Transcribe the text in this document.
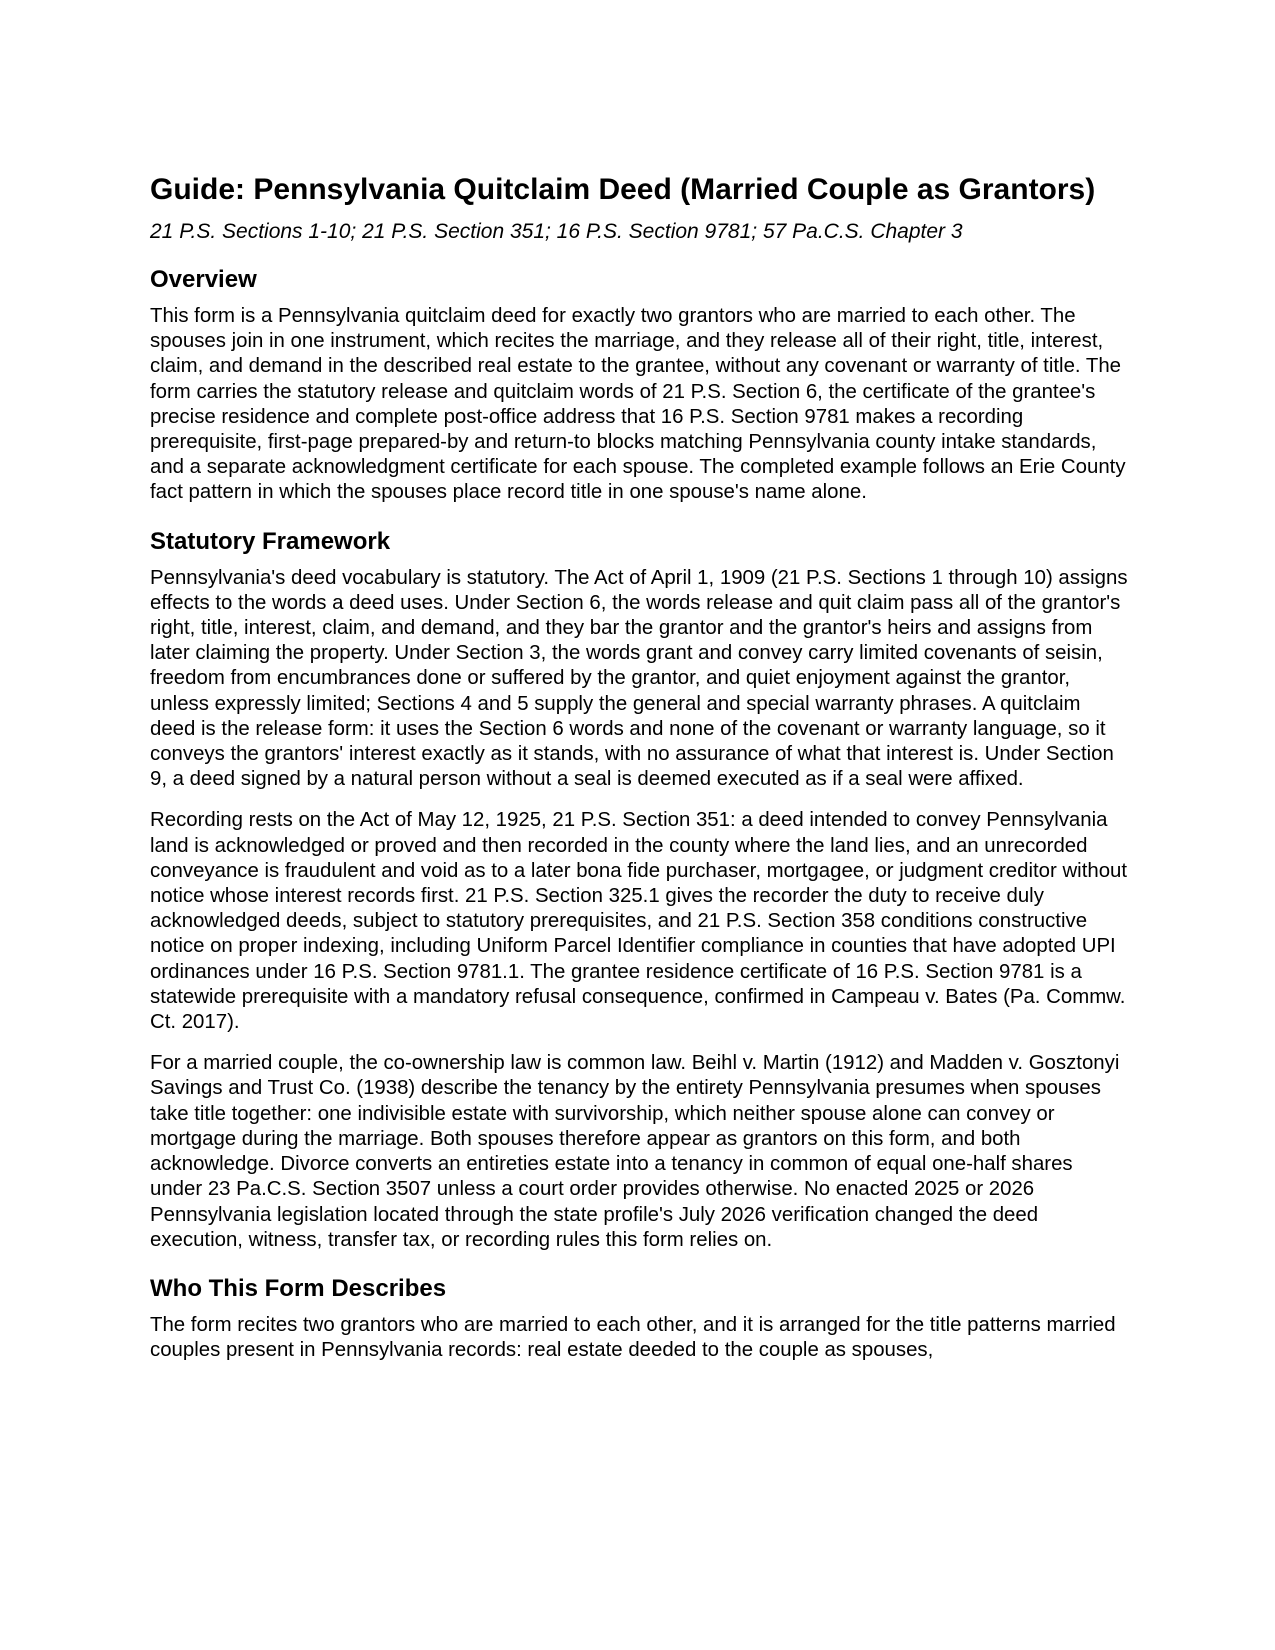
Guide: Pennsylvania Quitclaim Deed (Married Couple as Grantors)
21 P.S. Sections 1-10; 21 P.S. Section 351; 16 P.S. Section 9781; 57 Pa.C.S. Chapter 3
Overview

This form is a Pennsylvania quitclaim deed for exactly two grantors who are married to each other. The spouses join in one instrument, which recites the marriage, and they release all of their right, title, interest, claim, and demand in the described real estate to the grantee, without any covenant or warranty of title. The form carries the statutory release and quitclaim words of 21 P.S. Section 6, the certificate of the grantee's precise residence and complete post-office address that 16 P.S. Section 9781 makes a recording prerequisite, first-page prepared-by and return-to blocks matching Pennsylvania county intake standards, and a separate acknowledgment certificate for each spouse. The completed example follows an Erie County fact pattern in which the spouses place record title in one spouse's name alone.

Statutory Framework

Pennsylvania's deed vocabulary is statutory. The Act of April 1, 1909 (21 P.S. Sections 1 through 10) assigns effects to the words a deed uses. Under Section 6, the words release and quit claim pass all of the grantor's right, title, interest, claim, and demand, and they bar the grantor and the grantor's heirs and assigns from later claiming the property. Under Section 3, the words grant and convey carry limited covenants of seisin, freedom from encumbrances done or suffered by the grantor, and quiet enjoyment against the grantor, unless expressly limited; Sections 4 and 5 supply the general and special warranty phrases. A quitclaim deed is the release form: it uses the Section 6 words and none of the covenant or warranty language, so it conveys the grantors' interest exactly as it stands, with no assurance of what that interest is. Under Section 9, a deed signed by a natural person without a seal is deemed executed as if a seal were affixed.

Recording rests on the Act of May 12, 1925, 21 P.S. Section 351: a deed intended to convey Pennsylvania land is acknowledged or proved and then recorded in the county where the land lies, and an unrecorded conveyance is fraudulent and void as to a later bona fide purchaser, mortgagee, or judgment creditor without notice whose interest records first. 21 P.S. Section 325.1 gives the recorder the duty to receive duly acknowledged deeds, subject to statutory prerequisites, and 21 P.S. Section 358 conditions constructive notice on proper indexing, including Uniform Parcel Identifier compliance in counties that have adopted UPI ordinances under 16 P.S. Section 9781.1. The grantee residence certificate of 16 P.S. Section 9781 is a statewide prerequisite with a mandatory refusal consequence, confirmed in Campeau v. Bates (Pa. Commw. Ct. 2017).

For a married couple, the co-ownership law is common law. Beihl v. Martin (1912) and Madden v. Gosztonyi Savings and Trust Co. (1938) describe the tenancy by the entirety Pennsylvania presumes when spouses take title together: one indivisible estate with survivorship, which neither spouse alone can convey or mortgage during the marriage. Both spouses therefore appear as grantors on this form, and both acknowledge. Divorce converts an entireties estate into a tenancy in common of equal one-half shares under 23 Pa.C.S. Section 3507 unless a court order provides otherwise. No enacted 2025 or 2026 Pennsylvania legislation located through the state profile's July 2026 verification changed the deed execution, witness, transfer tax, or recording rules this form relies on.

Who This Form Describes

The form recites two grantors who are married to each other, and it is arranged for the title patterns married couples present in Pennsylvania records: real estate deeded to the couple as spouses,
